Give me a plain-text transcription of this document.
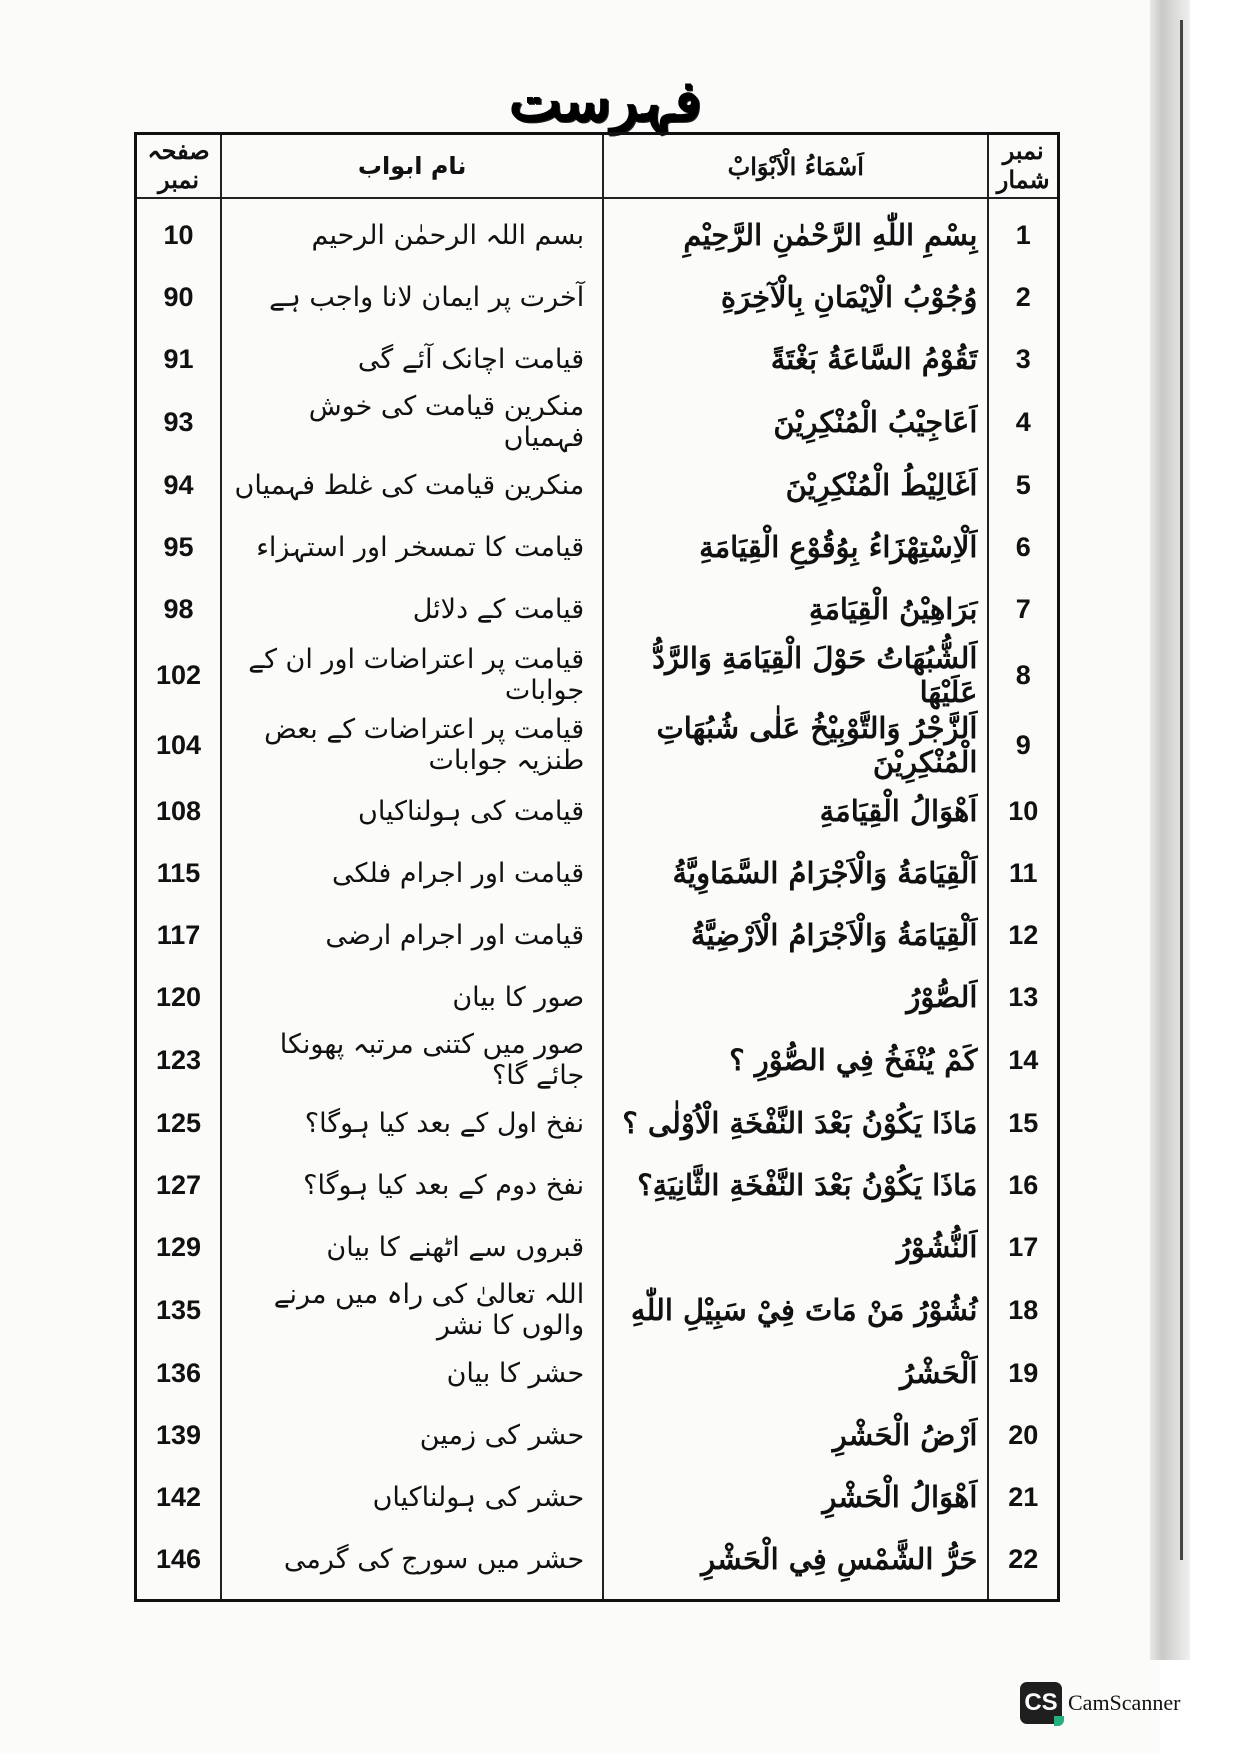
فہرست
صفحہ نمبر	نام ابواب	اَسْمَاءُ الْاَبْوَابْ	نمبر شمار
10	بسم اللہ الرحمٰن الرحیم	بِسْمِ اللّٰهِ الرَّحْمٰنِ الرَّحِيْمِ	1
90	آخرت پر ایمان لانا واجب ہے	وُجُوْبُ الْاِيْمَانِ بِالْآخِرَةِ	2
91	قیامت اچانک آئے گی	تَقُوْمُ السَّاعَةُ بَغْتَةً	3
93	منکرین قیامت کی خوش فہمیاں	اَعَاجِيْبُ الْمُنْكِرِيْنَ	4
94	منکرین قیامت کی غلط فہمیاں	اَغَالِيْطُ الْمُنْكِرِيْنَ	5
95	قیامت کا تمسخر اور استہزاء	اَلْاِسْتِهْزَاءُ بِوُقُوْعِ الْقِيَامَةِ	6
98	قیامت کے دلائل	بَرَاهِيْنُ الْقِيَامَةِ	7
102	قیامت پر اعتراضات اور ان کے جوابات	اَلشُّبُهَاتُ حَوْلَ الْقِيَامَةِ وَالرَّدُّ عَلَيْهَا	8
104	قیامت پر اعتراضات کے بعض طنزیہ جوابات	اَلزَّجْرُ وَالتَّوْبِيْخُ عَلٰى شُبُهَاتِ الْمُنْكِرِيْنَ	9
108	قیامت کی ہولناکیاں	اَهْوَالُ الْقِيَامَةِ	10
115	قیامت اور اجرام فلکی	اَلْقِيَامَةُ وَالْاَجْرَامُ السَّمَاوِيَّةُ	11
117	قیامت اور اجرام ارضی	اَلْقِيَامَةُ وَالْاَجْرَامُ الْاَرْضِيَّةُ	12
120	صور کا بیان	اَلصُّوْرُ	13
123	صور میں کتنی مرتبہ پھونکا جائے گا؟	كَمْ يُنْفَخُ فِي الصُّوْرِ ؟	14
125	نفخ اول کے بعد کیا ہوگا؟	مَاذَا يَكُوْنُ بَعْدَ النَّفْخَةِ الْاُوْلٰى ؟	15
127	نفخ دوم کے بعد کیا ہوگا؟	مَاذَا يَكُوْنُ بَعْدَ النَّفْخَةِ الثَّانِيَةِ؟	16
129	قبروں سے اٹھنے کا بیان	اَلنُّشُوْرُ	17
135	اللہ تعالیٰ کی راہ میں مرنے والوں کا نشر	نُشُوْرُ مَنْ مَاتَ فِيْ سَبِيْلِ اللّٰهِ	18
136	حشر کا بیان	اَلْحَشْرُ	19
139	حشر کی زمین	اَرْضُ الْحَشْرِ	20
142	حشر کی ہولناکیاں	اَهْوَالُ الْحَشْرِ	21
146	حشر میں سورج کی گرمی	حَرُّ الشَّمْسِ فِي الْحَشْرِ	22
CS CamScanner
